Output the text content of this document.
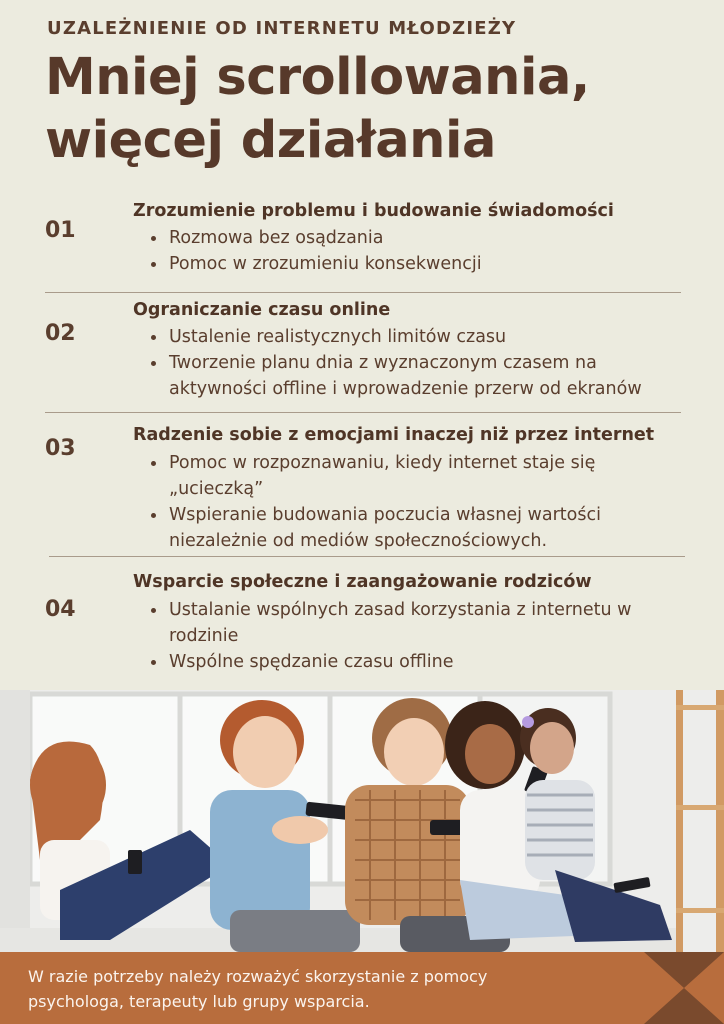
UZALEŻNIENIE OD INTERNETU MŁODZIEŻY
Mniej scrollowania,
więcej działania
01
Zrozumienie problemu i budowanie świadomości
Rozmowa bez osądzania
Pomoc w zrozumieniu konsekwencji
02
Ograniczanie czasu online
Ustalenie realistycznych limitów czasu
Tworzenie planu dnia z wyznaczonym czasem na aktywności offline i wprowadzenie przerw od ekranów
03
Radzenie sobie z emocjami inaczej niż przez internet
Pomoc w rozpoznawaniu, kiedy internet staje się „ucieczką”
Wspieranie budowania poczucia własnej wartości niezależnie od mediów społecznościowych.
04
Wsparcie społeczne i zaangażowanie rodziców
Ustalanie wspólnych zasad korzystania z internetu w rodzinie
Wspólne spędzanie czasu offline
W razie potrzeby należy rozważyć skorzystanie z pomocy psychologa, terapeuty lub grupy wsparcia.
